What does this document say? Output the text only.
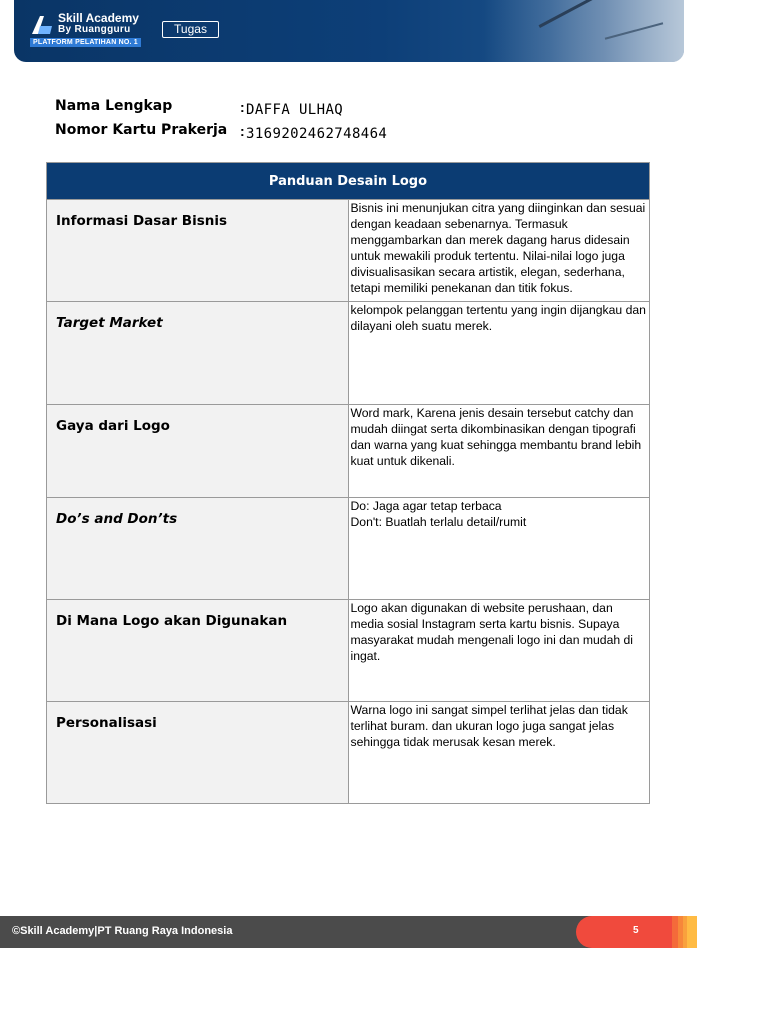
Skill Academy
By Ruangguru
PLATFORM PELATIHAN NO. 1
Tugas
Nama Lengkap	: DAFFA ULHAQ
Nomor Kartu Prakerja : 3169202462748464
Panduan Desain Logo	
Informasi Dasar Bisnis	Bisnis ini menunjukan citra yang diinginkan dan sesuai dengan keadaan sebenarnya. Termasuk menggambarkan dan merek dagang harus didesain untuk mewakili produk tertentu. Nilai-nilai logo juga divisualisasikan secara artistik, elegan, sederhana, tetapi memiliki penekanan dan titik fokus.
Target Market	kelompok pelanggan tertentu yang ingin dijangkau dan dilayani oleh suatu merek.
Gaya dari Logo	Word mark, Karena jenis desain tersebut catchy dan mudah diingat serta dikombinasikan dengan tipografi dan warna yang kuat sehingga membantu brand lebih kuat untuk dikenali.
Do’s and Don’ts	Do: Jaga agar tetap terbaca
Don't: Buatlah terlalu detail/rumit

Di Mana Logo akan Digunakan	Logo akan digunakan di website perushaan, dan media sosial Instagram serta kartu bisnis. Supaya masyarakat mudah mengenali logo ini dan mudah di ingat.
Personalisasi	Warna logo ini sangat simpel terlihat jelas dan tidak terlihat buram. dan ukuran logo juga sangat jelas sehingga tidak merusak kesan merek.
©Skill Academy|PT Ruang Raya Indonesia	5
